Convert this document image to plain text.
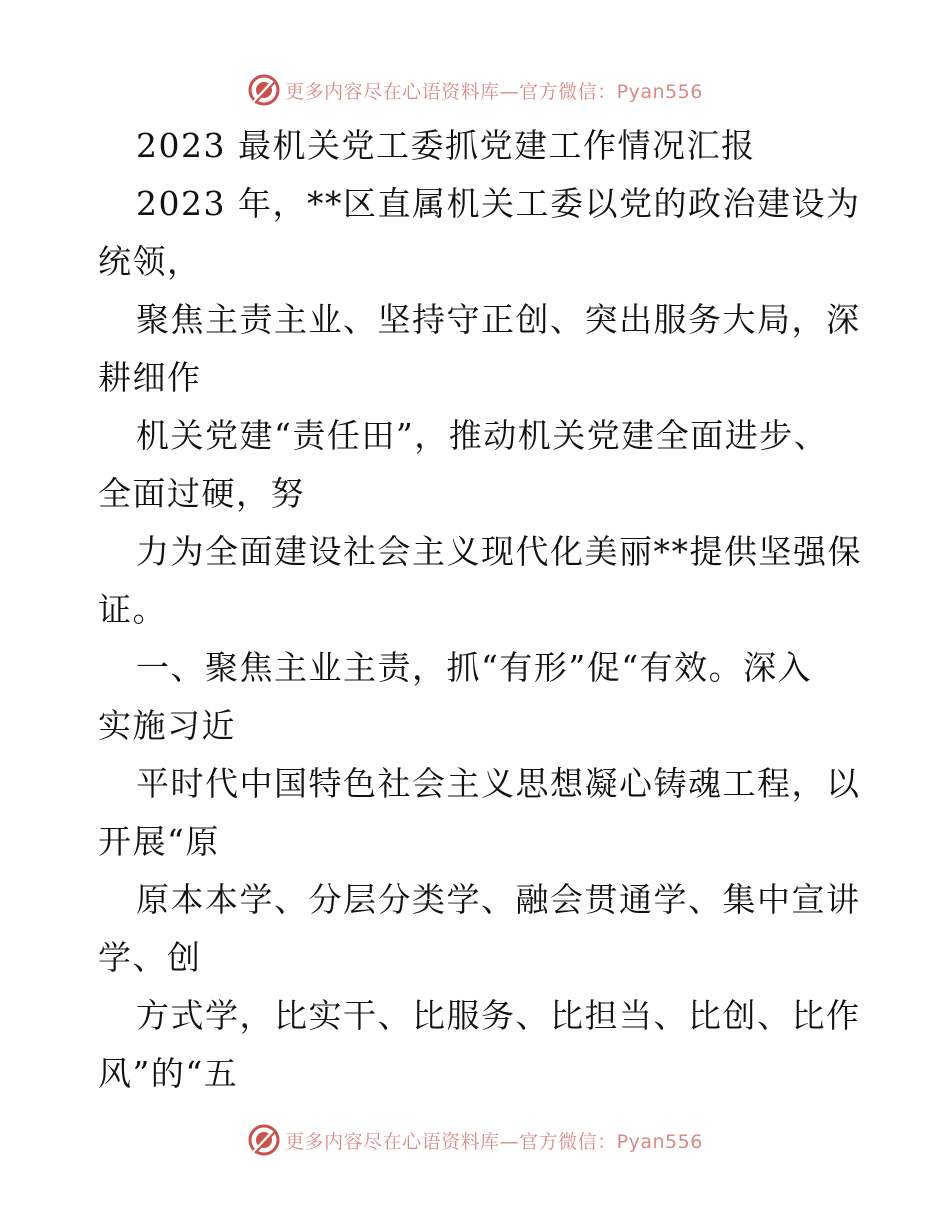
更多内容尽在心语资料库—官方微信：Pyan556
2023 最机关党工委抓党建工作情况汇报
2023 年，**区直属机关工委以党的政治建设为
统领，
聚焦主责主业、坚持守正创、突出服务大局，深
耕细作
机关党建“责任田”，推动机关党建全面进步、
全面过硬，努
力为全面建设社会主义现代化美丽**提供坚强保
证。
一、聚焦主业主责，抓“有形”促“有效。深入
实施习近
平时代中国特色社会主义思想凝心铸魂工程，以
开展“原
原本本学、分层分类学、融会贯通学、集中宣讲
学、创
方式学，比实干、比服务、比担当、比创、比作
风”的“五
更多内容尽在心语资料库—官方微信：Pyan556
